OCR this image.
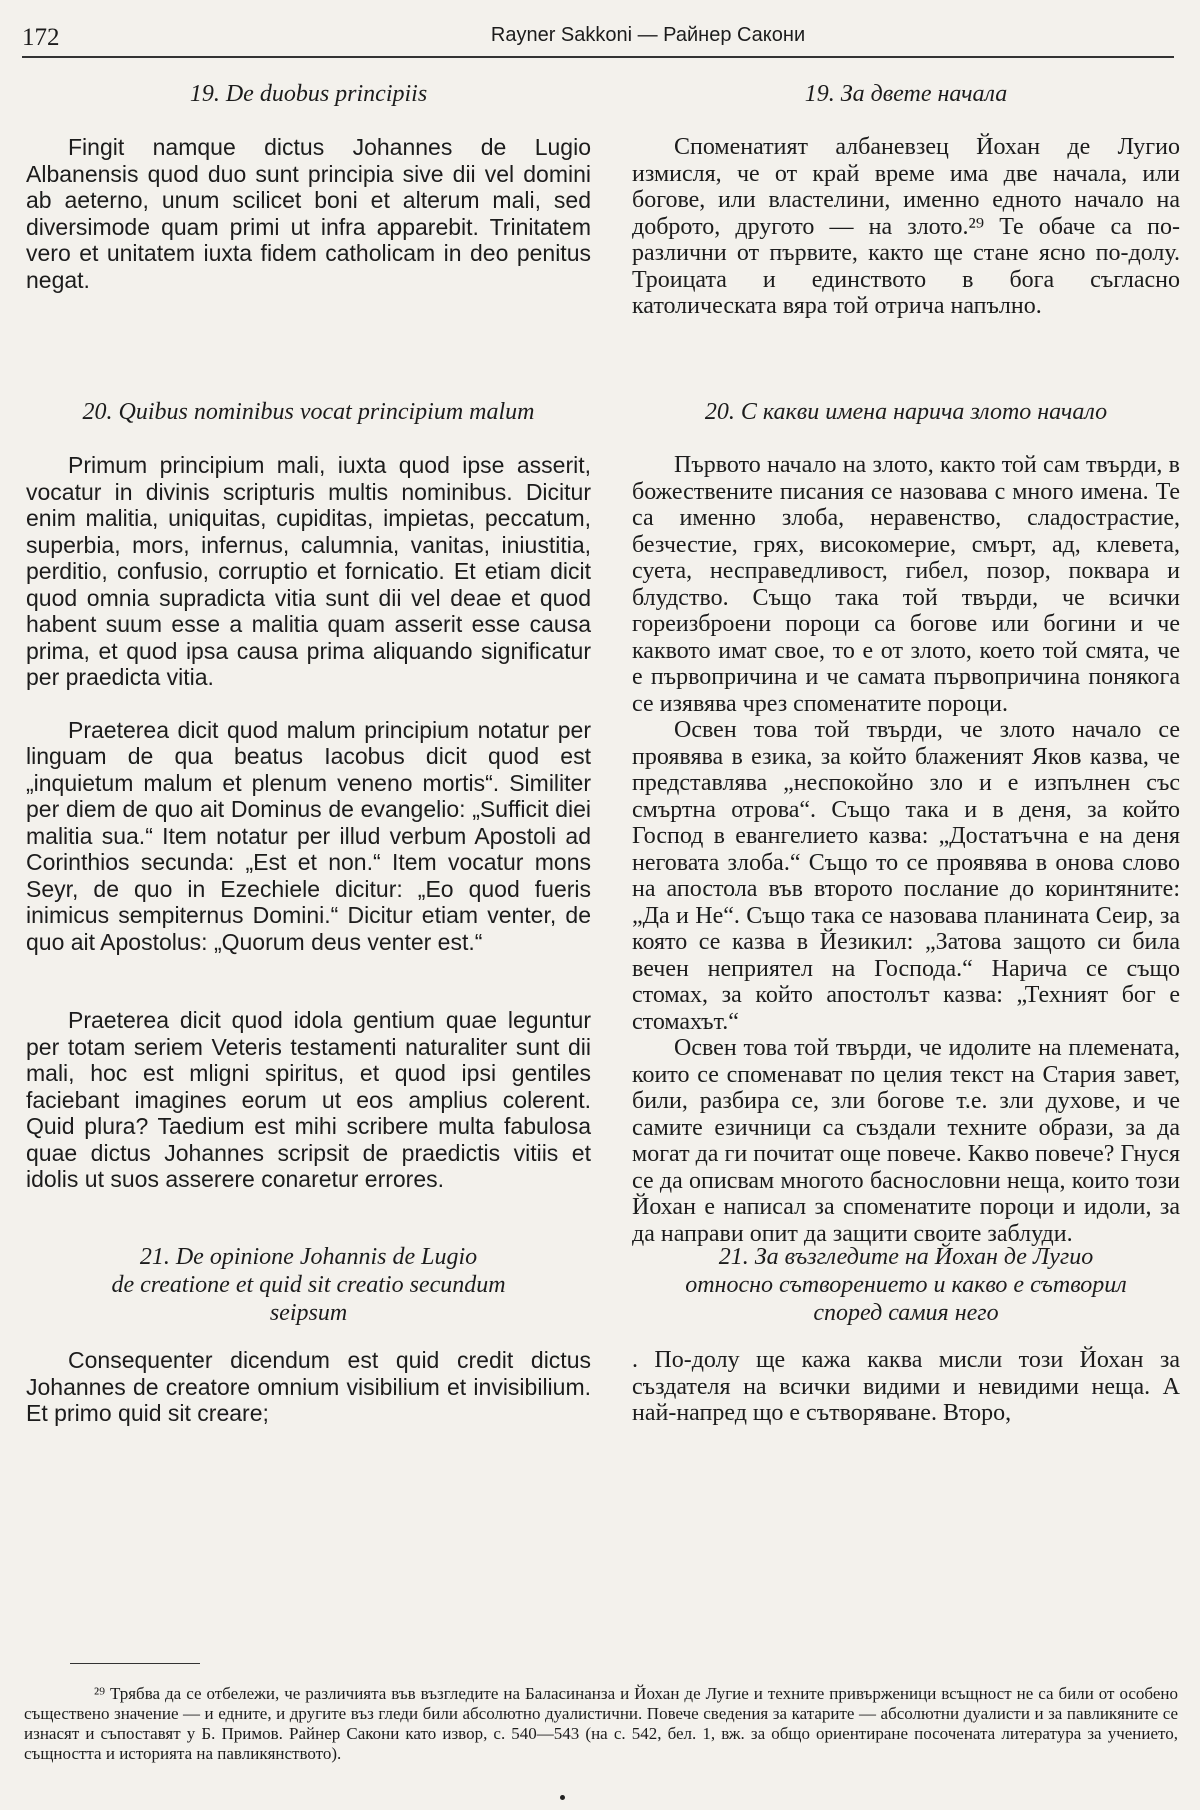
172	Rayner Sakkoni — Райнер Сакони

19. De duobus principiis

Fingit namque dictus Johannes de Lugio Albanensis quod duo sunt principia sive dii vel domini ab aeterno, unum scilicet boni et alterum mali, sed diversimode quam primi ut infra apparebit. Trinitatem vero et unitatem iuxta fidem catholicam in deo penitus negat.

20. Quibus nominibus vocat principium malum

Primum principium mali, iuxta quod ipse asserit, vocatur in divinis scripturis multis nominibus. Dicitur enim malitia, uniquitas, cupiditas, impietas, peccatum, superbia, mors, infernus, calumnia, vanitas, iniustitia, perditio, confusio, corruptio et fornicatio. Et etiam dicit quod omnia supradicta vitia sunt dii vel deae et quod habent suum esse a malitia quam asserit esse causa prima, et quod ipsa causa prima aliquando significatur per praedicta vitia.

Praeterea dicit quod malum principium notatur per linguam de qua beatus Iacobus dicit quod est „inquietum malum et plenum veneno mortis“. Similiter per diem de quo ait Dominus de evangelio: „Sufficit diei malitia sua.“ Item notatur per illud verbum Apostoli ad Corinthios secunda: „Est et non.“ Item vocatur mons Seyr, de quo in Ezechiele dicitur: „Eo quod fueris inimicus sempiternus Domini.“ Dicitur etiam venter, de quo ait Apostolus: „Quorum deus venter est.“

Praeterea dicit quod idola gentium quae leguntur per totam seriem Veteris testamenti naturaliter sunt dii mali, hoc est mligni spiritus, et quod ipsi gentiles faciebant imagines eorum ut eos amplius colerent. Quid plura? Taedium est mihi scribere multa fabulosa quae dictus Johannes scripsit de praedictis vitiis et idolis ut suos asserere conaretur errores.

21. De opinione Johannis de Lugio
de creatione et quid sit creatio secundum
seipsum

Consequenter dicendum est quid credit dictus Johannes de creatore omnium visibilium et invisibilium. Et primo quid sit creare;

19. За двете начала

Споменатият албаневзец Йохан де Лугио измисля, че от край време има две начала, или богове, или властелини, именно едното начало на доброто, другото — на злото.²⁹ Те обаче са по-различни от първите, както ще стане ясно по-долу. Троицата и единството в бога съгласно католическата вяра той отрича напълно.

20. С какви имена нарича злото начало

Първото начало на злото, както той сам твърди, в божествените писания се назовава с много имена. Те са именно злоба, неравенство, сладострастие, безчестие, грях, високомерие, смърт, ад, клевета, суета, несправедливост, гибел, позор, поквара и блудство. Също така той твърди, че всички гореизброени пороци са богове или богини и че каквото имат свое, то е от злото, което той смята, че е първопричина и че самата първопричина понякога се изявява чрез споменатите пороци.

Освен това той твърди, че злото начало се проявява в езика, за който блаженият Яков казва, че представлява „неспокойно зло и е изпълнен със смъртна отрова“. Също така и в деня, за който Господ в евангелието казва: „Достатъчна е на деня неговата злоба.“ Също то се проявява в онова слово на апостола във второто послание до коринтяните: „Да и Не“. Също така се назовава планината Сеир, за която се казва в Йезикил: „Затова защото си била вечен неприятел на Господа.“ Нарича се също стомах, за който апостолът казва: „Техният бог е стомахът.“

Освен това той твърди, че идолите на племената, които се споменават по целия текст на Стария завет, били, разбира се, зли богове т.е. зли духове, и че самите езичници са създали техните образи, за да могат да ги почитат още повече. Какво повече? Гнуся се да описвам многото баснословни неща, които този Йохан е написал за споменатите пороци и идоли, за да направи опит да защити своите заблуди.

21. За възгледите на Йохан де Лугио
относно сътворението и какво е сътворил
според самия него

. По-долу ще кажа каква мисли този Йохан за създателя на всички видими и невидими неща. А най-напред що е сътворяване. Второ,

²⁹ Трябва да се отбележи, че различията във възгледите на Баласинанза и Йохан де Лугие и техните привърженици всъщност не са били от особено съществено значение — и едните, и другите въз гледи били абсолютно дуалистични. Повече сведения за катарите — абсолютни дуалисти и за павликяните се изнасят и съпоставят у Б. Примов. Райнер Сакони като извор, с. 540—543 (на с. 542, бел. 1, вж. за общо ориентиране посочената литература за учението, същността и историята на павликянството).
